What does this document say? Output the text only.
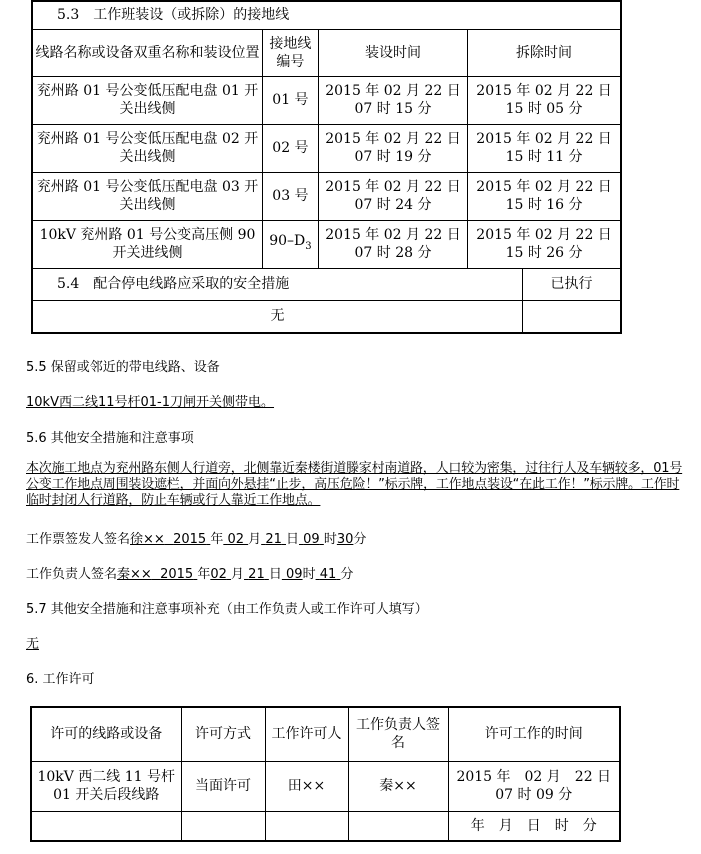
5.3　工作班装设（或拆除）的接地线				
线路名称或设备双重名称和装设位置	接地线编号	装设时间	拆除时间	
兖州路 01 号公变低压配电盘 01 开关出线侧	01 号	2015 年 02 月 22 日 07 时 15 分	2015 年 02 月 22 日 15 时 05 分	
兖州路 01 号公变低压配电盘 02 开关出线侧	02 号	2015 年 02 月 22 日 07 时 19 分	2015 年 02 月 22 日 15 时 11 分	
兖州路 01 号公变低压配电盘 03 开关出线侧	03 号	2015 年 02 月 22 日 07 时 24 分	2015 年 02 月 22 日 15 时 16 分	
10kV 兖州路 01 号公变高压侧 90 开关进线侧	$90-D_3$	2015 年 02 月 22 日 07 时 28 分	2015 年 02 月 22 日 15 时 26 分	
5.4　配合停电线路应采取的安全措施				已执行
无				
5.5 保留或邻近的带电线路、设备
10kV西二线11号杆01-1刀闸开关侧带电。
5.6 其他安全措施和注意事项
本次施工地点为兖州路东侧人行道旁，北侧靠近秦楼街道滕家村南道路，人口较为密集，过往行人及车辆较多，01号公变工作地点周围装设遮栏，并面向外悬挂“止步，高压危险！”标示牌，工作地点装设“在此工作！”标示牌。工作时临时封闭人行道路，防止车辆或行人靠近工作地点。
工作票签发人签名徐×× 2015 年 02 月 21 日 09 时30分
工作负责人签名秦×× 2015 年02 月 21 日 09时 41 分
5.7 其他安全措施和注意事项补充（由工作负责人或工作许可人填写）
无
6. 工作许可
许可的线路或设备	许可方式	工作许可人	工作负责人签名	许可工作的时间
10kV 西二线 11 号杆 01 开关后段线路	当面许可	田××	秦××	2015 年　02 月　22 日 07 时 09 分
				年　月　日　时　分
